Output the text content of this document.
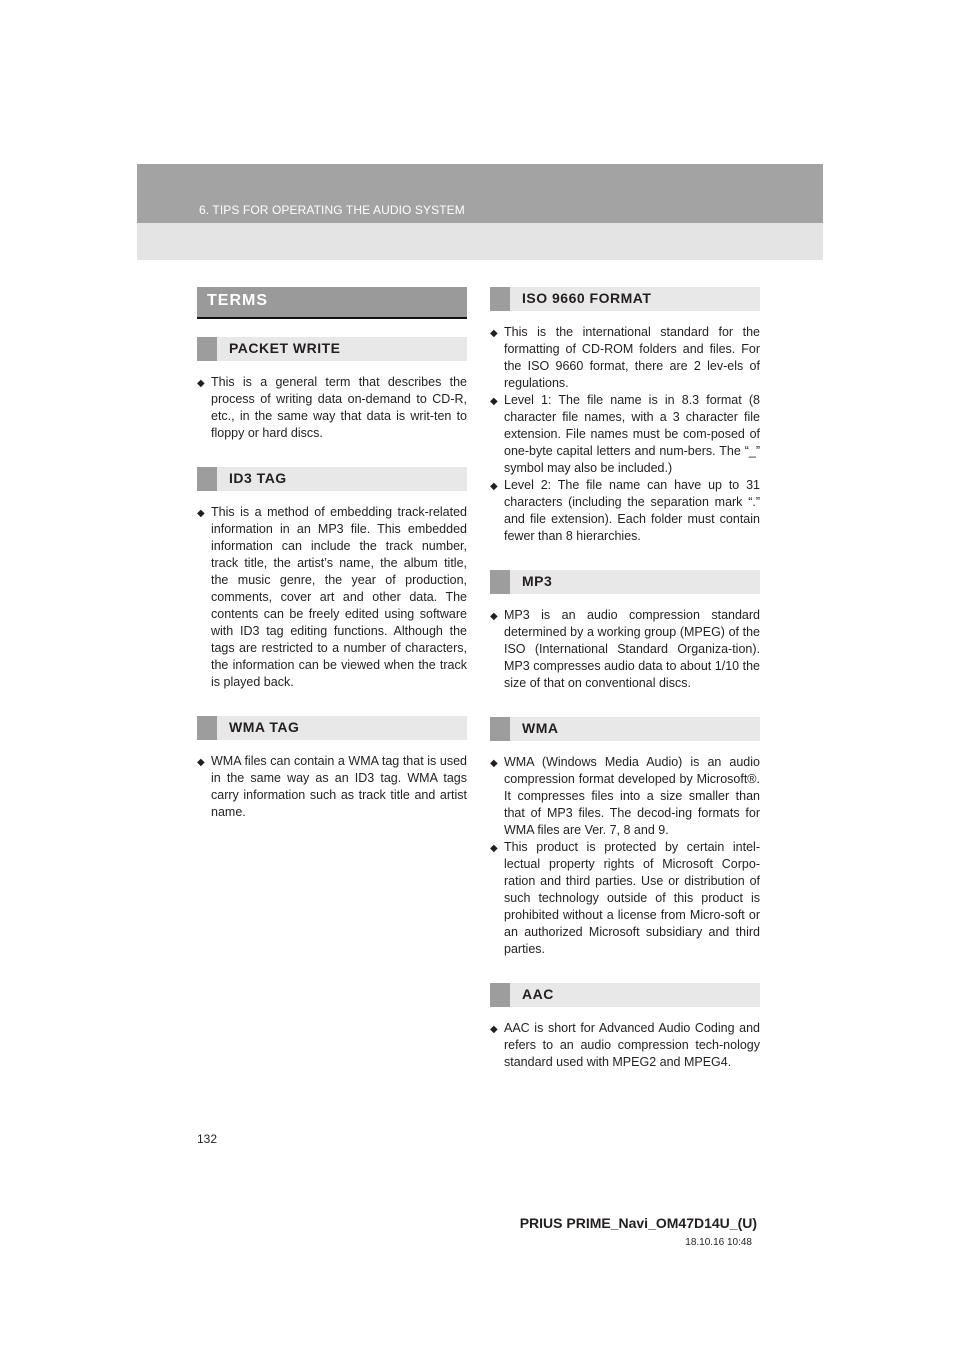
6. TIPS FOR OPERATING THE AUDIO SYSTEM
TERMS
PACKET WRITE
◆ This is a general term that describes the process of writing data on-demand to CD-R, etc., in the same way that data is writ-ten to floppy or hard discs.
ID3 TAG
◆ This is a method of embedding track-related information in an MP3 file. This embedded information can include the track number, track title, the artist’s name, the album title, the music genre, the year of production, comments, cover art and other data. The contents can be freely edited using software with ID3 tag editing functions. Although the tags are restricted to a number of characters, the information can be viewed when the track is played back.
WMA TAG
◆ WMA files can contain a WMA tag that is used in the same way as an ID3 tag. WMA tags carry information such as track title and artist name.
ISO 9660 FORMAT
◆ This is the international standard for the formatting of CD-ROM folders and files. For the ISO 9660 format, there are 2 lev-els of regulations.
◆ Level 1: The file name is in 8.3 format (8 character file names, with a 3 character file extension. File names must be com-posed of one-byte capital letters and num-bers. The “_” symbol may also be included.)
◆ Level 2: The file name can have up to 31 characters (including the separation mark “.” and file extension). Each folder must contain fewer than 8 hierarchies.
MP3
◆ MP3 is an audio compression standard determined by a working group (MPEG) of the ISO (International Standard Organiza-tion). MP3 compresses audio data to about 1/10 the size of that on conventional discs.
WMA
◆ WMA (Windows Media Audio) is an audio compression format developed by Microsoft®. It compresses files into a size smaller than that of MP3 files. The decod-ing formats for WMA files are Ver. 7, 8 and 9.
◆ This product is protected by certain intel-lectual property rights of Microsoft Corpo-ration and third parties. Use or distribution of such technology outside of this product is prohibited without a license from Micro-soft or an authorized Microsoft subsidiary and third parties.
AAC
◆ AAC is short for Advanced Audio Coding and refers to an audio compression tech-nology standard used with MPEG2 and MPEG4.
132
PRIUS PRIME_Navi_OM47D14U_(U)
18.10.16 10:48
